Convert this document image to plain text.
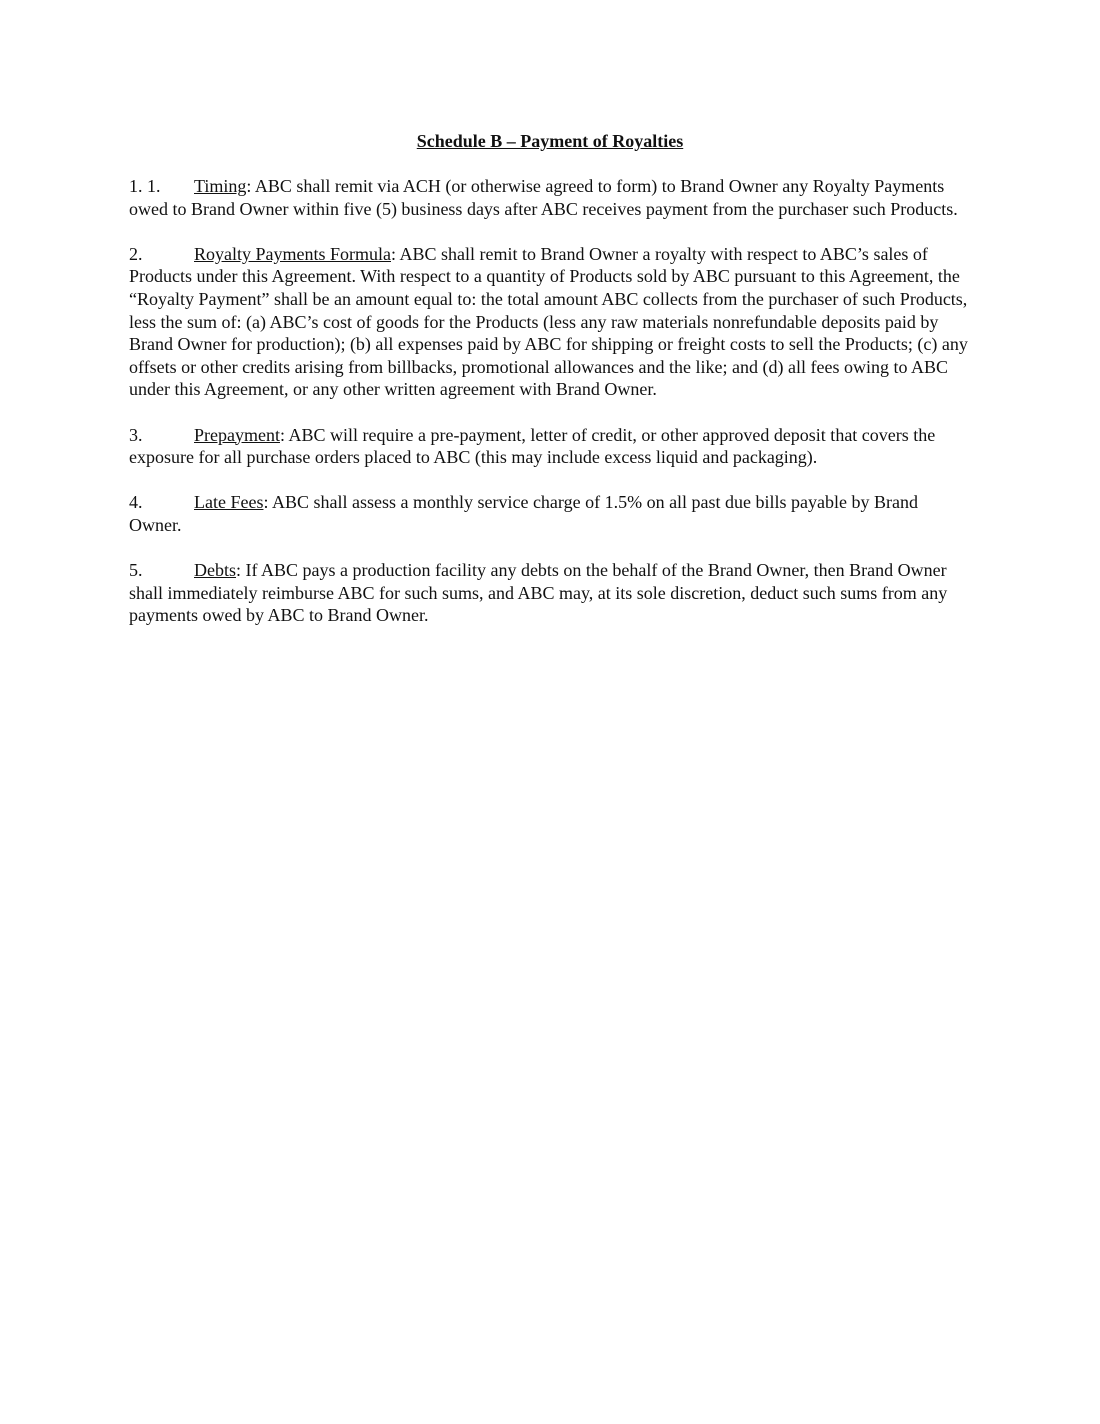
Schedule B – Payment of Royalties

1. 1. Timing: ABC shall remit via ACH (or otherwise agreed to form) to Brand Owner any Royalty Payments owed to Brand Owner within five (5) business days after ABC receives payment from the purchaser such Products.

2.	Royalty Payments Formula: ABC shall remit to Brand Owner a royalty with respect to ABC’s sales of Products under this Agreement. With respect to a quantity of Products sold by ABC pursuant to this Agreement, the “Royalty Payment” shall be an amount equal to: the total amount ABC collects from the purchaser of such Products, less the sum of: (a) ABC’s cost of goods for the Products (less any raw materials nonrefundable deposits paid by Brand Owner for production); (b) all expenses paid by ABC for shipping or freight costs to sell the Products; (c) any offsets or other credits arising from billbacks, promotional allowances and the like; and (d) all fees owing to ABC under this Agreement, or any other written agreement with Brand Owner.

3.	Prepayment: ABC will require a pre-payment, letter of credit, or other approved deposit that covers the exposure for all purchase orders placed to ABC (this may include excess liquid and packaging).

4.	Late Fees: ABC shall assess a monthly service charge of 1.5% on all past due bills payable by Brand Owner.

5.	Debts: If ABC pays a production facility any debts on the behalf of the Brand Owner, then Brand Owner shall immediately reimburse ABC for such sums, and ABC may, at its sole discretion, deduct such sums from any payments owed by ABC to Brand Owner.
